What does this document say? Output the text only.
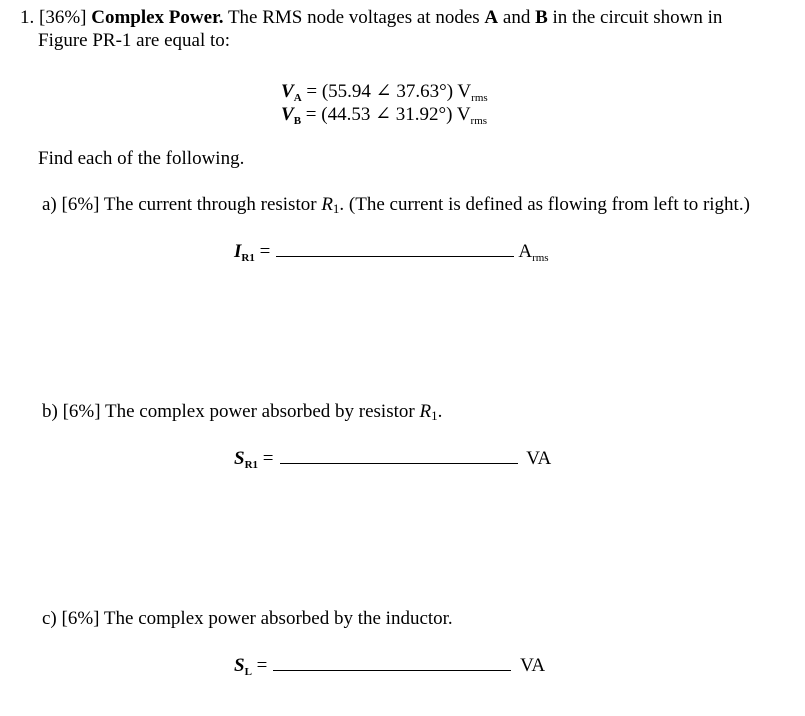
1. [36%] Complex Power. The RMS node voltages at nodes A and B in the circuit shown in
Figure PR-1 are equal to:
$V_A = (55.94$ ∠ 37.63°) $V_{rms}$
$V_B = (44.53$ ∠ 31.92°) $V_{rms}$
Find each of the following.
a) [6%] The current through resistor $R_1$. (The current is defined as flowing from left to right.)
$I_{R1}$ =	$A_{rms}$
b) [6%] The complex power absorbed by resistor $R_1$.
$S_{R1}$ =	VA
c) [6%] The complex power absorbed by the inductor.
$S_L$ =	VA
